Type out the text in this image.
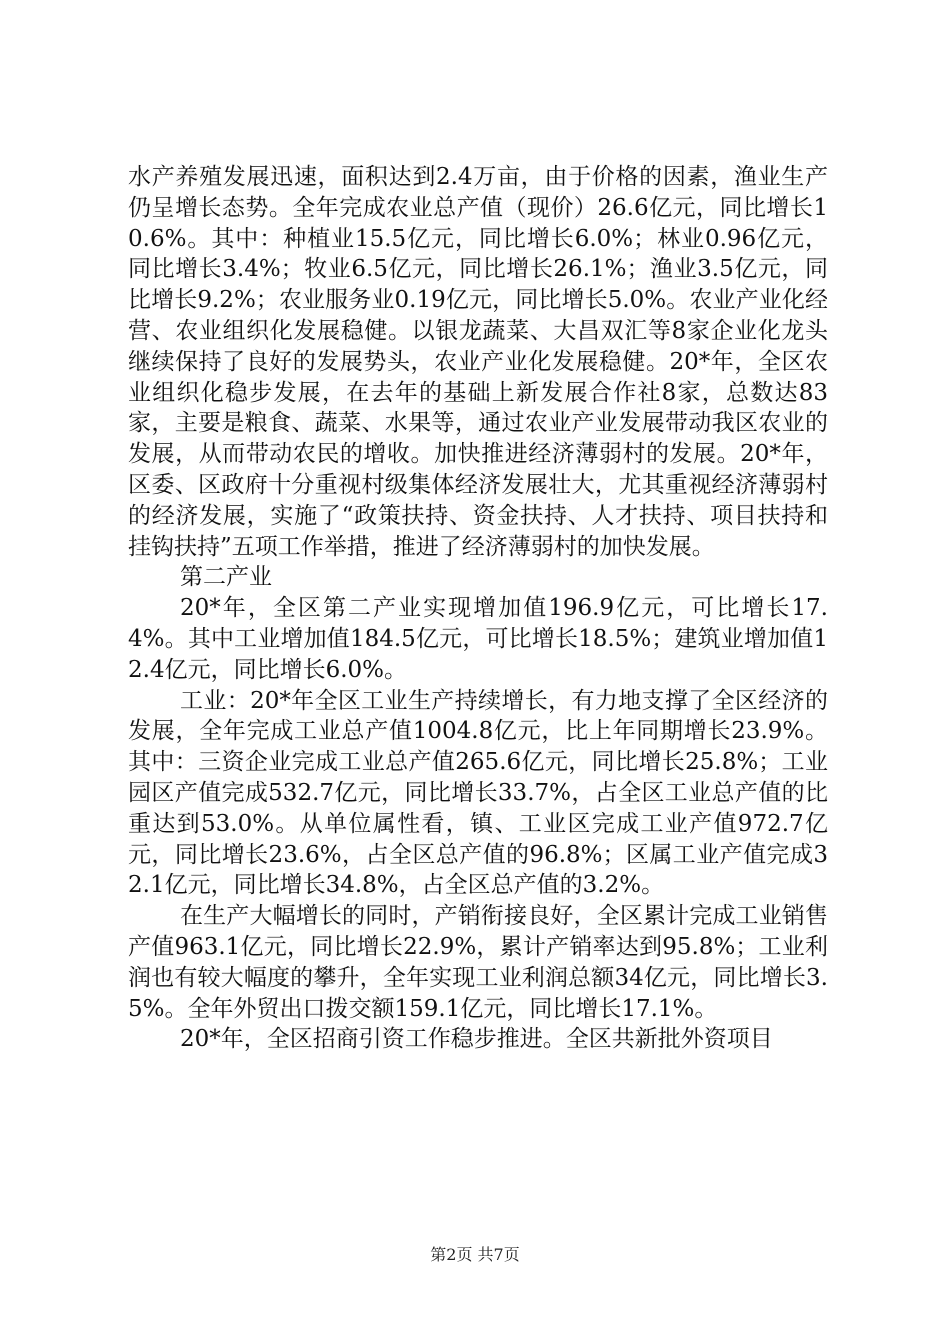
水产养殖发展迅速，面积达到2.4万亩，由于价格的因素，渔业生产仍呈增长态势。全年完成农业总产值（现价）26.6亿元，同比增长10.6%。其中：种植业15.5亿元，同比增长6.0%；林业0.96亿元，同比增长3.4%；牧业6.5亿元，同比增长26.1%；渔业3.5亿元，同比增长9.2%；农业服务业0.19亿元，同比增长5.0%。农业产业化经营、农业组织化发展稳健。以银龙蔬菜、大昌双汇等8家企业化龙头继续保持了良好的发展势头，农业产业化发展稳健。20*年，全区农业组织化稳步发展，在去年的基础上新发展合作社8家，总数达83家，主要是粮食、蔬菜、水果等，通过农业产业发展带动我区农业的发展，从而带动农民的增收。加快推进经济薄弱村的发展。20*年，区委、区政府十分重视村级集体经济发展壮大，尤其重视经济薄弱村的经济发展，实施了“政策扶持、资金扶持、人才扶持、项目扶持和挂钩扶持”五项工作举措，推进了经济薄弱村的加快发展。

第二产业

20*年，全区第二产业实现增加值196.9亿元，可比增长17.4%。其中工业增加值184.5亿元，可比增长18.5%；建筑业增加值12.4亿元，同比增长6.0%。

工业：20*年全区工业生产持续增长，有力地支撑了全区经济的发展，全年完成工业总产值1004.8亿元，比上年同期增长23.9%。其中：三资企业完成工业总产值265.6亿元，同比增长25.8%；工业园区产值完成532.7亿元，同比增长33.7%，占全区工业总产值的比重达到53.0%。从单位属性看，镇、工业区完成工业产值972.7亿元，同比增长23.6%，占全区总产值的96.8%；区属工业产值完成32.1亿元，同比增长34.8%，占全区总产值的3.2%。

在生产大幅增长的同时，产销衔接良好，全区累计完成工业销售产值963.1亿元，同比增长22.9%，累计产销率达到95.8%；工业利润也有较大幅度的攀升，全年实现工业利润总额34亿元，同比增长3.5%。全年外贸出口拨交额159.1亿元，同比增长17.1%。

20*年，全区招商引资工作稳步推进。全区共新批外资项目

第2页 共7页
